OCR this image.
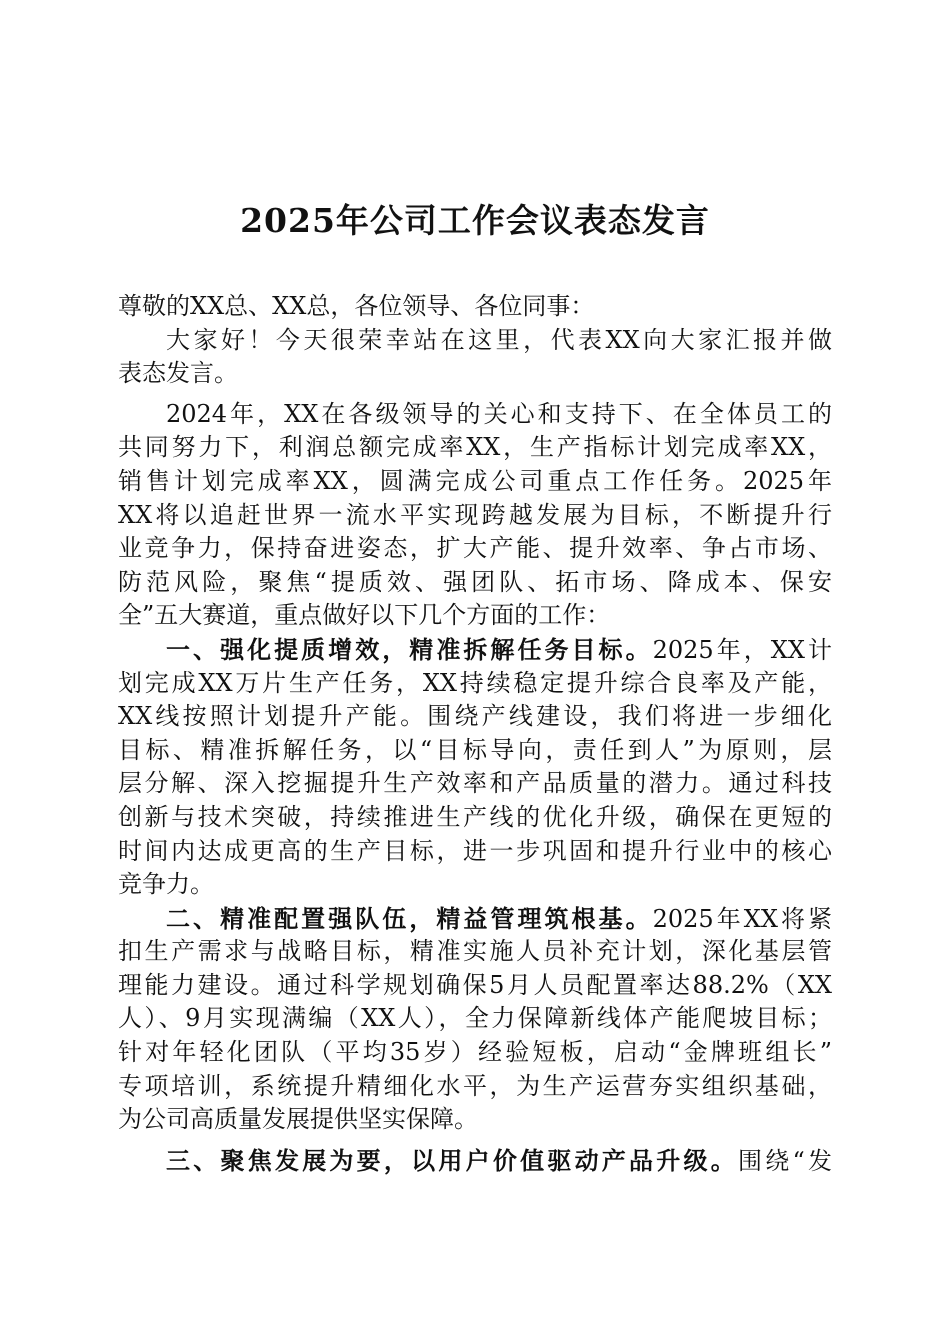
2025年公司工作会议表态发言
尊敬的XX总、XX总，各位领导、各位同事：
大家好！今天很荣幸站在这里，代表XX向大家汇报并做
表态发言。
2024年，XX在各级领导的关心和支持下、在全体员工的
共同努力下，利润总额完成率XX，生产指标计划完成率XX，
销售计划完成率XX，圆满完成公司重点工作任务。2025年
XX将以追赶世界一流水平实现跨越发展为目标，不断提升行
业竞争力，保持奋进姿态，扩大产能、提升效率、争占市场、
防范风险，聚焦“提质效、强团队、拓市场、降成本、保安
全”五大赛道，重点做好以下几个方面的工作：
一、强化提质增效，精准拆解任务目标。2025年，XX计
划完成XX万片生产任务，XX持续稳定提升综合良率及产能，
XX线按照计划提升产能。围绕产线建设，我们将进一步细化
目标、精准拆解任务，以“目标导向，责任到人”为原则，层
层分解、深入挖掘提升生产效率和产品质量的潜力。通过科技
创新与技术突破，持续推进生产线的优化升级，确保在更短的
时间内达成更高的生产目标，进一步巩固和提升行业中的核心
竞争力。
二、精准配置强队伍，精益管理筑根基。2025年XX将紧
扣生产需求与战略目标，精准实施人员补充计划，深化基层管
理能力建设。通过科学规划确保5月人员配置率达88.2%（XX
人）、9月实现满编（XX人），全力保障新线体产能爬坡目标；
针对年轻化团队（平均35岁）经验短板，启动“金牌班组长”
专项培训，系统提升精细化水平，为生产运营夯实组织基础，
为公司高质量发展提供坚实保障。
三、聚焦发展为要，以用户价值驱动产品升级。围绕“发
